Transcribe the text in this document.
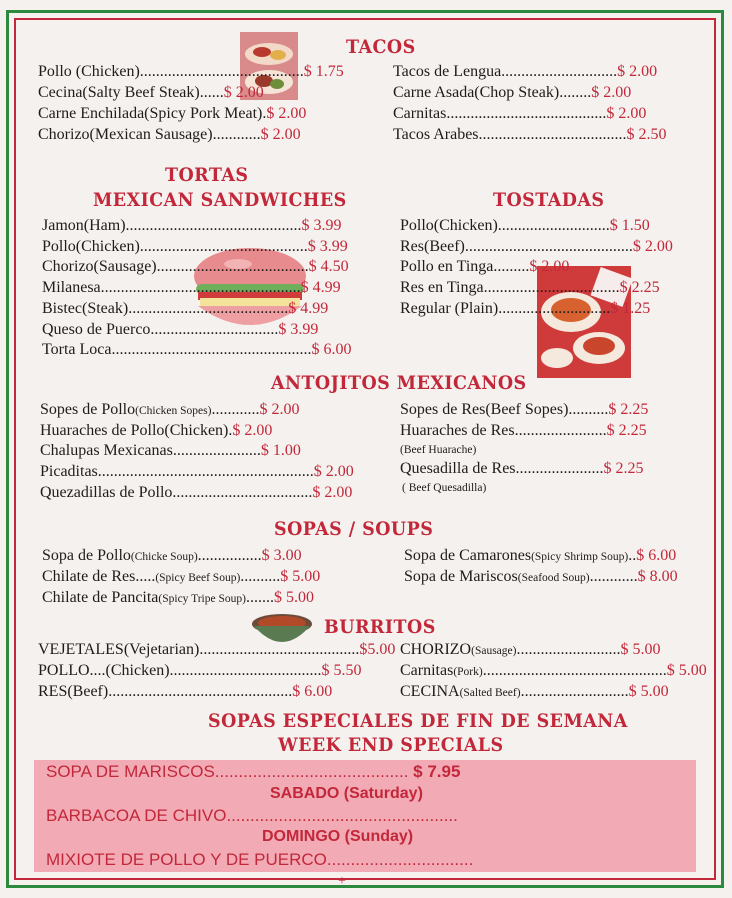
TACOS
Pollo (Chicken).........................................$ 1.75
Cecina(Salty Beef Steak)......$ 2.00
Carne Enchilada(Spicy Pork Meat).$ 2.00
Chorizo(Mexican Sausage)............$ 2.00
Tacos de Lengua.............................$ 2.00
Carne Asada(Chop Steak)........$ 2.00
Carnitas........................................$ 2.00
Tacos Arabes.....................................$ 2.50
TORTAS
MEXICAN SANDWICHES	TOSTADAS
Jamon(Ham)............................................$ 3.99
Pollo(Chicken)..........................................$ 3.99
Chorizo(Sausage)......................................$ 4.50
Milanesa..................................................$ 4.99
Bistec(Steak)........................................$ 4.99
Queso de Puerco................................$ 3.99
Torta Loca..................................................$ 6.00
Pollo(Chicken)............................$ 1.50
Res(Beef)..........................................$ 2.00
Pollo en Tinga.........$ 2.00
Res en Tinga..................................$ 2.25
Regular (Plain)............................$ 1.25
ANTOJITOS MEXICANOS
Sopes de Pollo(Chicken Sopes)............$ 2.00
Huaraches de Pollo(Chicken).$ 2.00
Chalupas Mexicanas......................$ 1.00
Picaditas......................................................$ 2.00
Quezadillas de Pollo...................................$ 2.00
Sopes de Res(Beef Sopes)..........$ 2.25
Huaraches de Res.......................$ 2.25
Quesadilla de Res......................$ 2.25
(Beef Huarache)
( Beef Quesadilla)
SOPAS / SOUPS
Sopa de Pollo(Chicke Soup)................$ 3.00
Chilate de Res.....(Spicy Beef Soup)..........$ 5.00
Chilate de Pancita(Spicy Tripe Soup).......$ 5.00
Sopa de Camarones(Spicy Shrimp Soup)..$ 6.00
Sopa de Mariscos(Seafood Soup)............$ 8.00
BURRITOS
VEJETALES(Vejetarian)........................................$5.00
POLLO....(Chicken)......................................$ 5.50
RES(Beef)..............................................$ 6.00
CHORIZO(Sausage)..........................$ 5.00
Carnitas(Pork)..............................................$ 5.00
CECINA(Salted Beef)...........................$ 5.00
SOPAS ESPECIALES DE FIN DE SEMANA
WEEK END SPECIALS
SOPA DE MARISCOS......................................... $ 7.95
SABADO (Saturday)
BARBACOA DE CHIVO.................................................
DOMINGO (Sunday)
MIXIOTE DE POLLO Y DE PUERCO...............................
+
